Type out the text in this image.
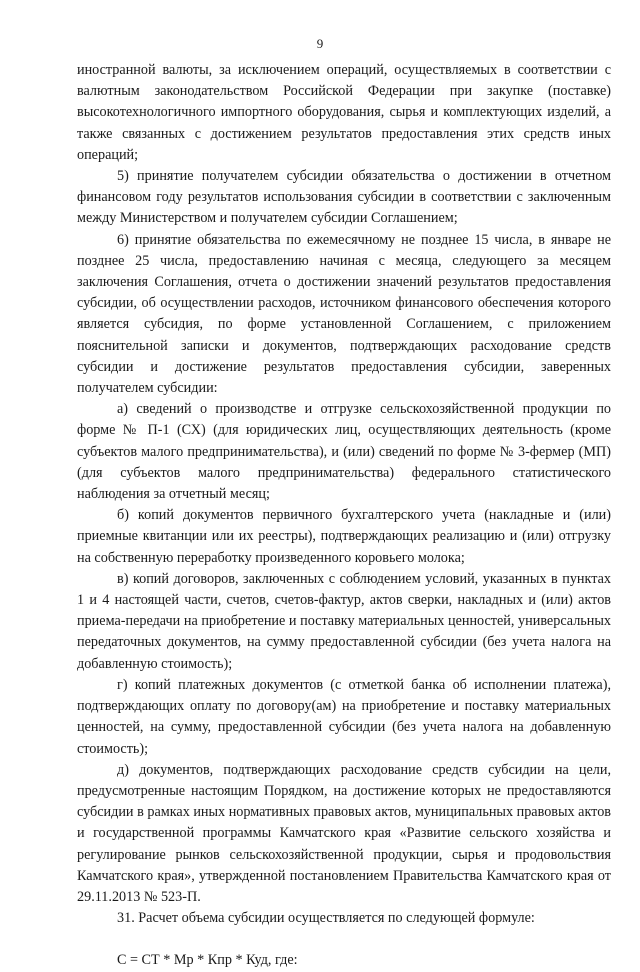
9

иностранной валюты, за исключением операций, осуществляемых в соответствии с валютным законодательством Российской Федерации при закупке (поставке) высокотехнологичного импортного оборудования, сырья и комплектующих изделий, а также связанных с достижением результатов предоставления этих средств иных операций;

5) принятие получателем субсидии обязательства о достижении в отчетном финансовом году результатов использования субсидии в соответствии с заключенным между Министерством и получателем субсидии Соглашением;

6) принятие обязательства по ежемесячному не позднее 15 числа, в январе не позднее 25 числа, предоставлению начиная с месяца, следующего за месяцем заключения Соглашения, отчета о достижении значений результатов предоставления субсидии, об осуществлении расходов, источником финансового обеспечения которого является субсидия, по форме установленной Соглашением, с приложением пояснительной записки и документов, подтверждающих расходование средств субсидии и достижение результатов предоставления субсидии, заверенных получателем субсидии:

а) сведений о производстве и отгрузке сельскохозяйственной продукции по форме № П-1 (СХ) (для юридических лиц, осуществляющих деятельность (кроме субъектов малого предпринимательства), и (или) сведений по форме № 3-фермер (МП) (для субъектов малого предпринимательства) федерального статистического наблюдения за отчетный месяц;

б) копий документов первичного бухгалтерского учета (накладные и (или) приемные квитанции или их реестры), подтверждающих реализацию и (или) отгрузку на собственную переработку произведенного коровьего молока;

в) копий договоров, заключенных с соблюдением условий, указанных в пунктах 1 и 4 настоящей части, счетов, счетов-фактур, актов сверки, накладных и (или) актов приема-передачи на приобретение и поставку материальных ценностей, универсальных передаточных документов, на сумму предоставленной субсидии (без учета налога на добавленную стоимость);

г) копий платежных документов (с отметкой банка об исполнении платежа), подтверждающих оплату по договору(ам) на приобретение и поставку материальных ценностей, на сумму, предоставленной субсидии (без учета налога на добавленную стоимость);

д) документов, подтверждающих расходование средств субсидии на цели, предусмотренные настоящим Порядком, на достижение которых не предоставляются субсидии в рамках иных нормативных правовых актов, муниципальных правовых актов и государственной программы Камчатского края «Развитие сельского хозяйства и регулирование рынков сельскохозяйственной продукции, сырья и продовольствия Камчатского края», утвержденной постановлением Правительства Камчатского края от 29.11.2013 № 523-П.

31. Расчет объема субсидии осуществляется по следующей формуле:

С = СТ * Мр * Кпр * Куд, где:
